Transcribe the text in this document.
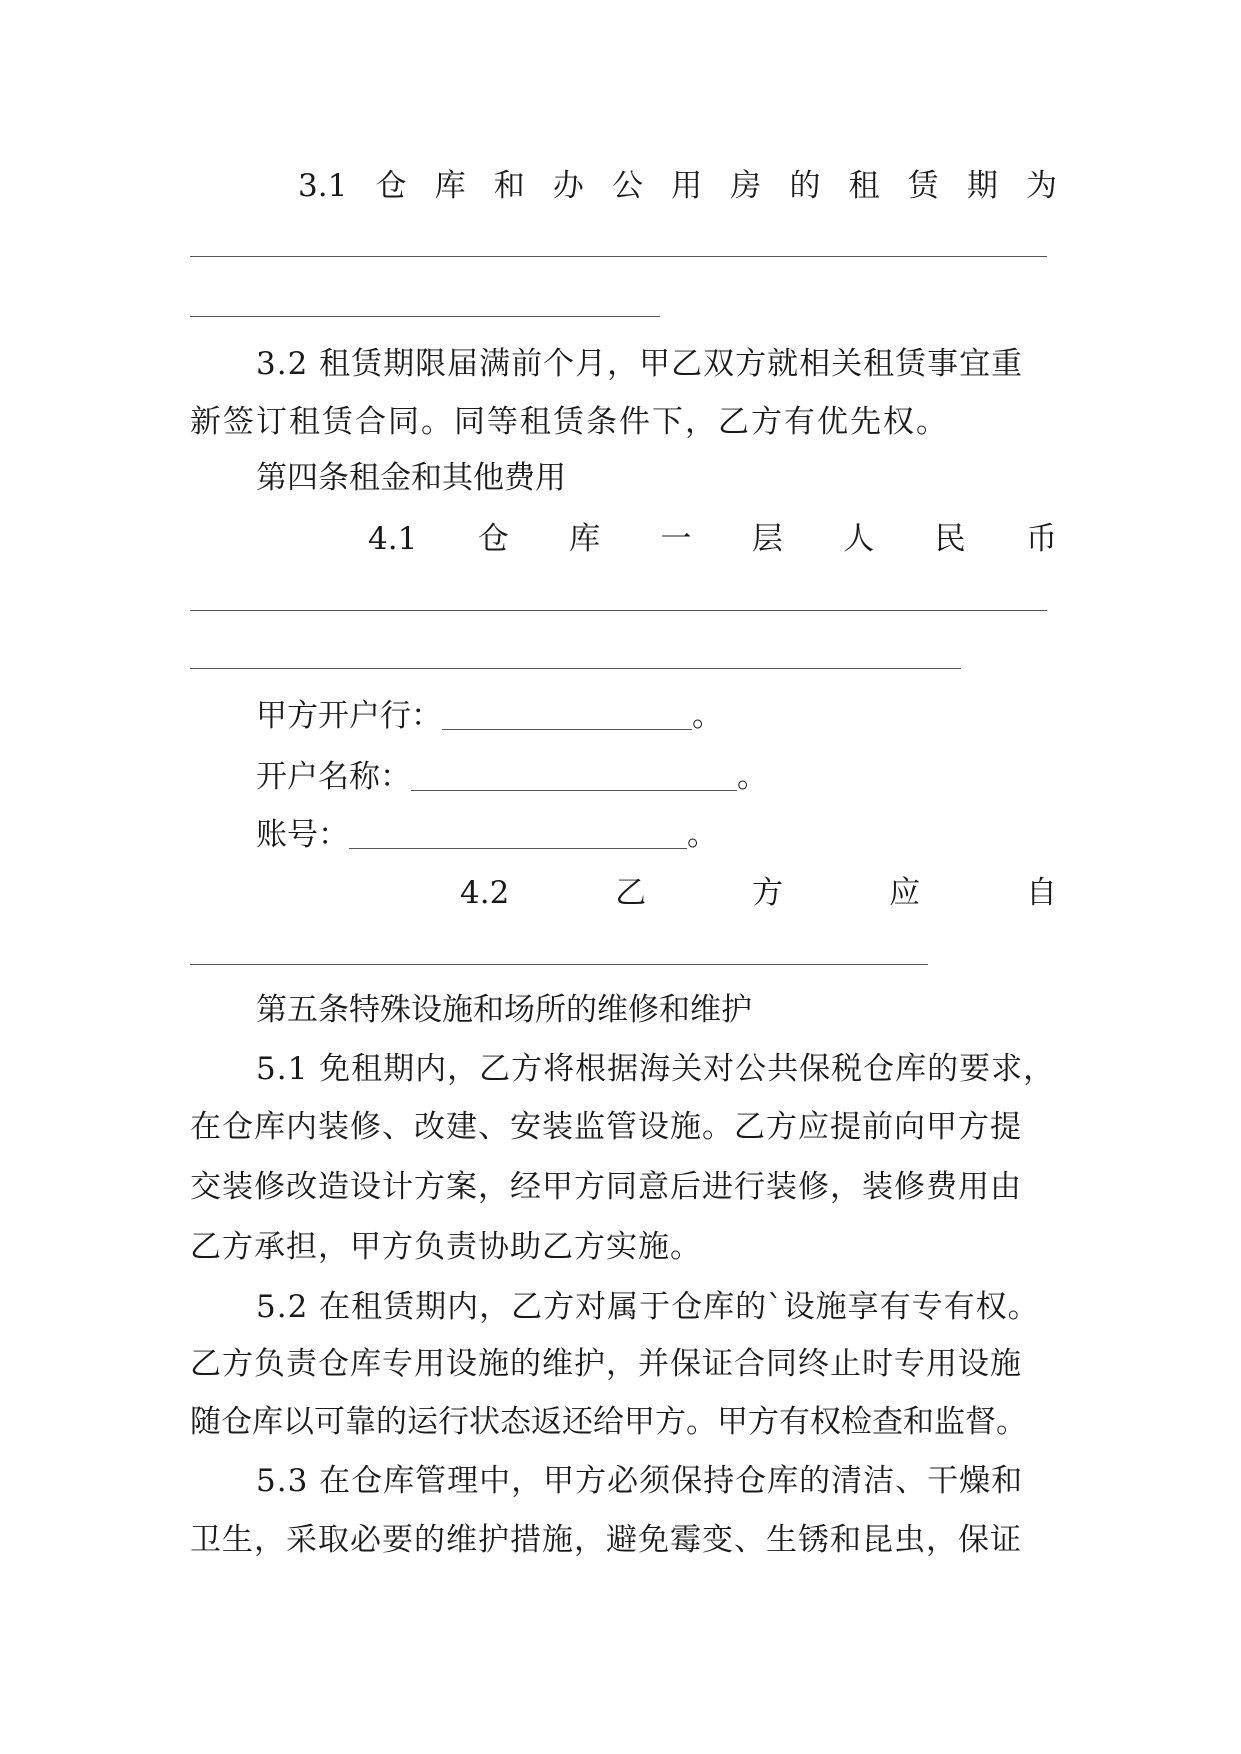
3.1 仓 库 和 办 公 用 房 的 租 赁 期 为
3.2 租赁期限届满前个月，甲乙双方就相关租赁事宜重
新签订租赁合同。同等租赁条件下，乙方有优先权。
第四条租金和其他费用
4.1 仓 库 一 层 人 民 币
甲方开户行：	。
开户名称：	。
账号：	。
4.2	乙	方	应	自
第五条特殊设施和场所的维修和维护
5.1 免租期内，乙方将根据海关对公共保税仓库的要求，
在仓库内装修、改建、安装监管设施。乙方应提前向甲方提
交装修改造设计方案，经甲方同意后进行装修，装修费用由
乙方承担，甲方负责协助乙方实施。
5.2 在租赁期内，乙方对属于仓库的`设施享有专有权。
乙方负责仓库专用设施的维护，并保证合同终止时专用设施
随仓库以可靠的运行状态返还给甲方。甲方有权检查和监督。
5.3 在仓库管理中，甲方必须保持仓库的清洁、干燥和
卫生，采取必要的维护措施，避免霉变、生锈和昆虫，保证
